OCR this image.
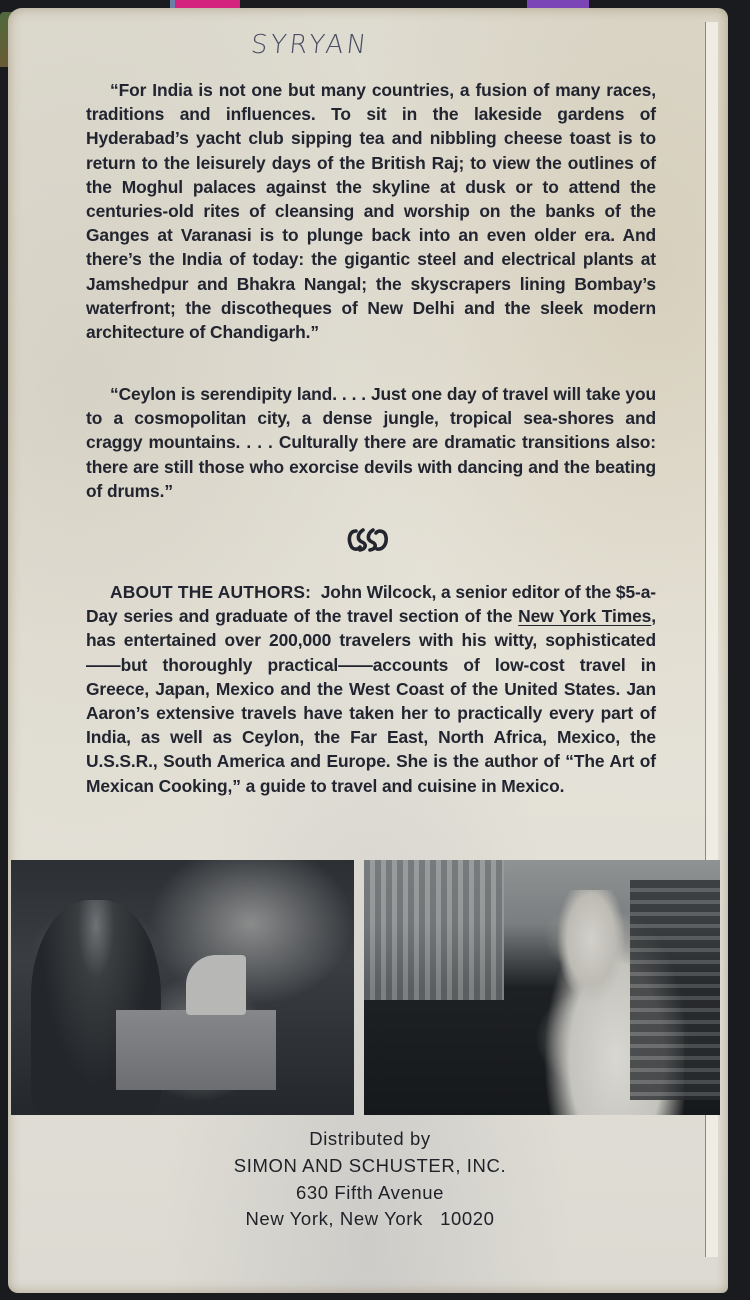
SYRYAN

“For India is not one but many countries, a fusion of many races, traditions and influences. To sit in the lakeside gardens of Hyderabad’s yacht club sipping tea and nibbling cheese toast is to return to the leisurely days of the British Raj; to view the outlines of the Moghul palaces against the skyline at dusk or to attend the centuries-old rites of cleansing and worship on the banks of the Ganges at Varanasi is to plunge back into an even older era. And there’s the India of today: the gigantic steel and electrical plants at Jamshedpur and Bhakra Nangal; the skyscrapers lining Bombay’s waterfront; the discotheques of New Delhi and the sleek modern architecture of Chandigarh.”

“Ceylon is serendipity land. . . . Just one day of travel will take you to a cosmopolitan city, a dense jungle, tropical sea-shores and craggy mountains. . . . Culturally there are dramatic transitions also: there are still those who exorcise devils with dancing and the beating of drums.”

ABOUT THE AUTHORS: John Wilcock, a senior editor of the $5-a-Day series and graduate of the travel section of the New York Times, has entertained over 200,000 travelers with his witty, sophisticated——but thoroughly practical——accounts of low-cost travel in Greece, Japan, Mexico and the West Coast of the United States. Jan Aaron’s extensive travels have taken her to practically every part of India, as well as Ceylon, the Far East, North Africa, Mexico, the U.S.S.R., South America and Europe. She is the author of “The Art of Mexican Cooking,” a guide to travel and cuisine in Mexico.

Distributed by
SIMON AND SCHUSTER, INC.
630 Fifth Avenue
New York, New York   10020
